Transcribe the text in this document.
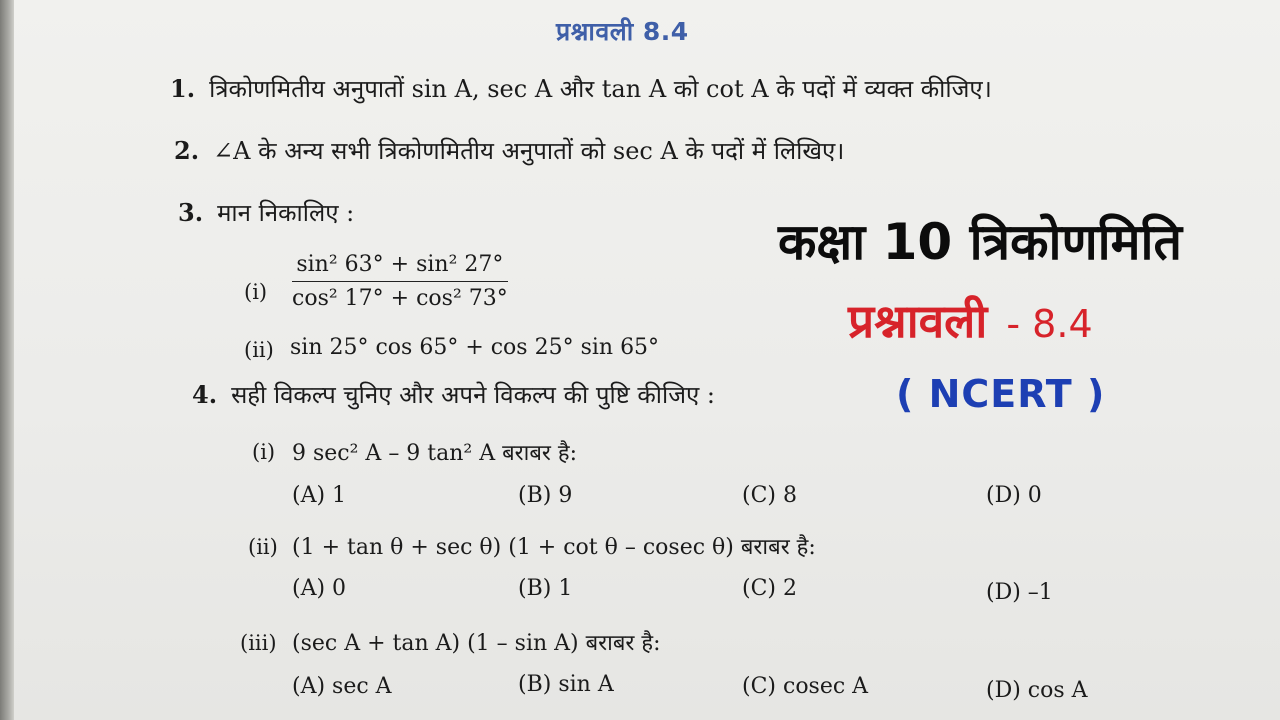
प्रश्नावली 8.4
1. त्रिकोणमितीय अनुपातों sin A, sec A और tan A को cot A के पदों में व्यक्त कीजिए।
2. ∠A के अन्य सभी त्रिकोणमितीय अनुपातों को sec A के पदों में लिखिए।
3. मान निकालिए :
$(i) \frac{\text{sin² 63° + sin² 27°}}{\text{cos² 17° + cos² 73°}}$
(ii) sin 25° cos 65° + cos 25° sin 65°
4. सही विकल्प चुनिए और अपने विकल्प की पुष्टि कीजिए :
(i) 9 sec² A – 9 tan² A बराबर है:
(A) 1	(B) 9	(C) 8	(D) 0
(ii) (1 + tan θ + sec θ) (1 + cot θ – cosec θ) बराबर है:
(A) 0	(B) 1	(C) 2	(D) –1
(iii) (sec A + tan A) (1 – sin A) बराबर है:
(A) sec A	(B) sin A	(C) cosec A	(D) cos A
कक्षा 10 त्रिकोणमिति
प्रश्नावली - 8.4
( NCERT )
